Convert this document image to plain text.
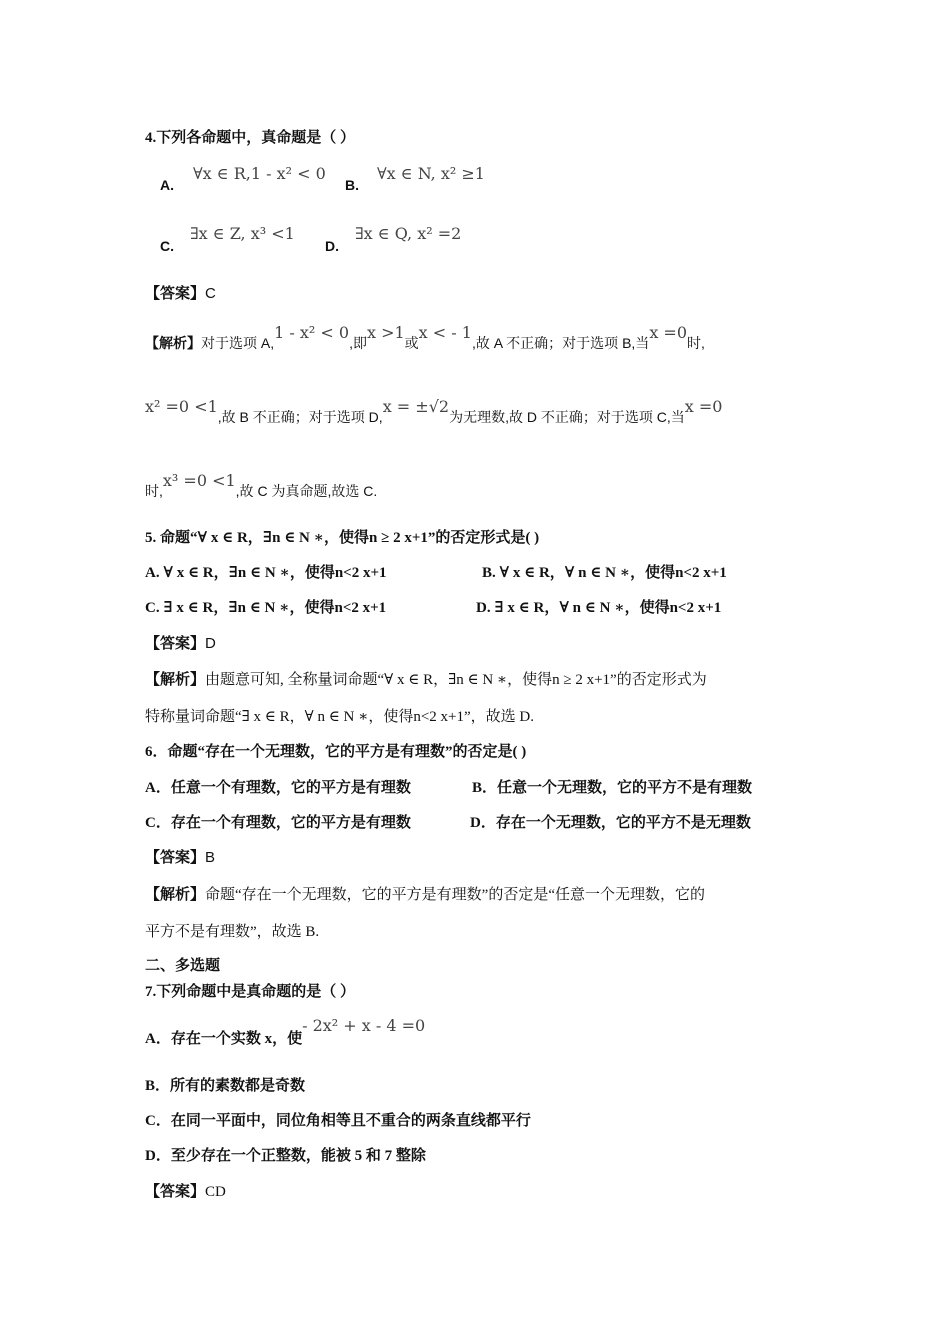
4.下列各命题中，真命题是（ ）
A.
∀x ∈ R,1 - x² < 0
B.
∀x ∈ N, x² ≥1
C.
∃x ∈ Z, x³ <1
D.
∃x ∈ Q, x² =2
【答案】C
【解析】对于选项 A,1 - x² < 0,即x >1或x < - 1,故 A 不正确；对于选项 B,当x =0时,
x² =0 <1,故 B 不正确；对于选项 D,x = ±√2为无理数,故 D 不正确；对于选项 C,当x =0
时,x³ =0 <1,故 C 为真命题,故选 C.
5. 命题“∀ x ∈ R，∃n ∈ N ∗，使得n ≥ 2 x+1”的否定形式是( )
A. ∀ x ∈ R，∃n ∈ N ∗，使得n<2 x+1	B. ∀ x ∈ R，∀ n ∈ N ∗，使得n<2 x+1
C. ∃ x ∈ R，∃n ∈ N ∗，使得n<2 x+1	D. ∃ x ∈ R，∀ n ∈ N ∗，使得n<2 x+1
【答案】D
【解析】由题意可知, 全称量词命题“∀ x ∈ R，∃n ∈ N ∗，使得n ≥ 2 x+1”的否定形式为
特称量词命题“∃ x ∈ R，∀ n ∈ N ∗，使得n<2 x+1”，故选 D.
6．命题“存在一个无理数，它的平方是有理数”的否定是( )
A．任意一个有理数，它的平方是有理数	B．任意一个无理数，它的平方不是有理数
C．存在一个有理数，它的平方是有理数	D．存在一个无理数，它的平方不是无理数
【答案】B
【解析】命题“存在一个无理数，它的平方是有理数”的否定是“任意一个无理数，它的
平方不是有理数”，故选 B.
二、多选题
7.下列命题中是真命题的是（ ）
A．存在一个实数 x，使- 2x² + x - 4 =0
B．所有的素数都是奇数
C．在同一平面中，同位角相等且不重合的两条直线都平行
D．至少存在一个正整数，能被 5 和 7 整除
【答案】CD
